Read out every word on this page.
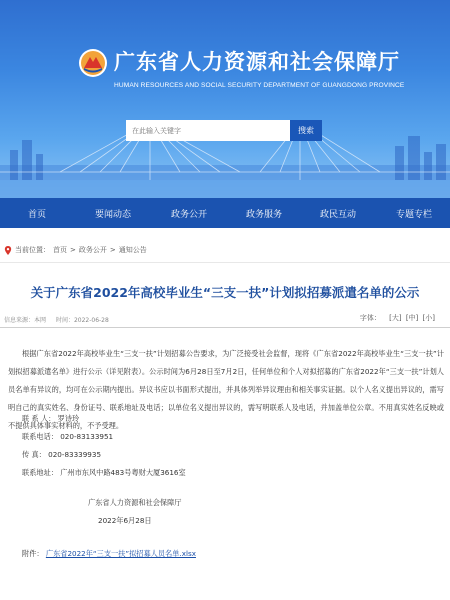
广东省人力资源和社会保障厅
HUMAN RESOURCES AND SOCIAL SECURITY DEPARTMENT OF GUANGDONG PROVINCE
在此输入关键字
搜索
首页	要闻动态	政务公开	政务服务	政民互动	专题专栏
当前位置： 首页 > 政务公开 > 通知公告
关于广东省2022年高校毕业生“三支一扶”计划拟招募派遣名单的公示
信息来源：本网 时间：2022-06-28	字体： [大] [中] [小]
根据广东省2022年高校毕业生“三支一扶”计划招募公告要求，为广泛接受社会监督，现将《广东省2022年高校毕业生“三支一扶”计划拟招募派遣名单》进行公示（详见附表）。公示时间为6月28日至7月2日，任何单位和个人对拟招募的广东省2022年“三支一扶”计划人员名单有异议的，均可在公示期内提出。异议书应以书面形式提出，并具体列举异议理由和相关事实证据。以个人名义提出异议的，需写明自己的真实姓名、身份证号、联系地址及电话；以单位名义提出异议的，需写明联系人及电话，并加盖单位公章。不用真实姓名反映或不提供具体事实材料的，不予受理。
联 系 人： 罗诗玲
联系电话： 020-83133951
传 真： 020-83339935
联系地址： 广州市东风中路483号粤财大厦3616室
广东省人力资源和社会保障厅
2022年6月28日
附件： 广东省2022年“三支一扶”拟招募人员名单.xlsx
